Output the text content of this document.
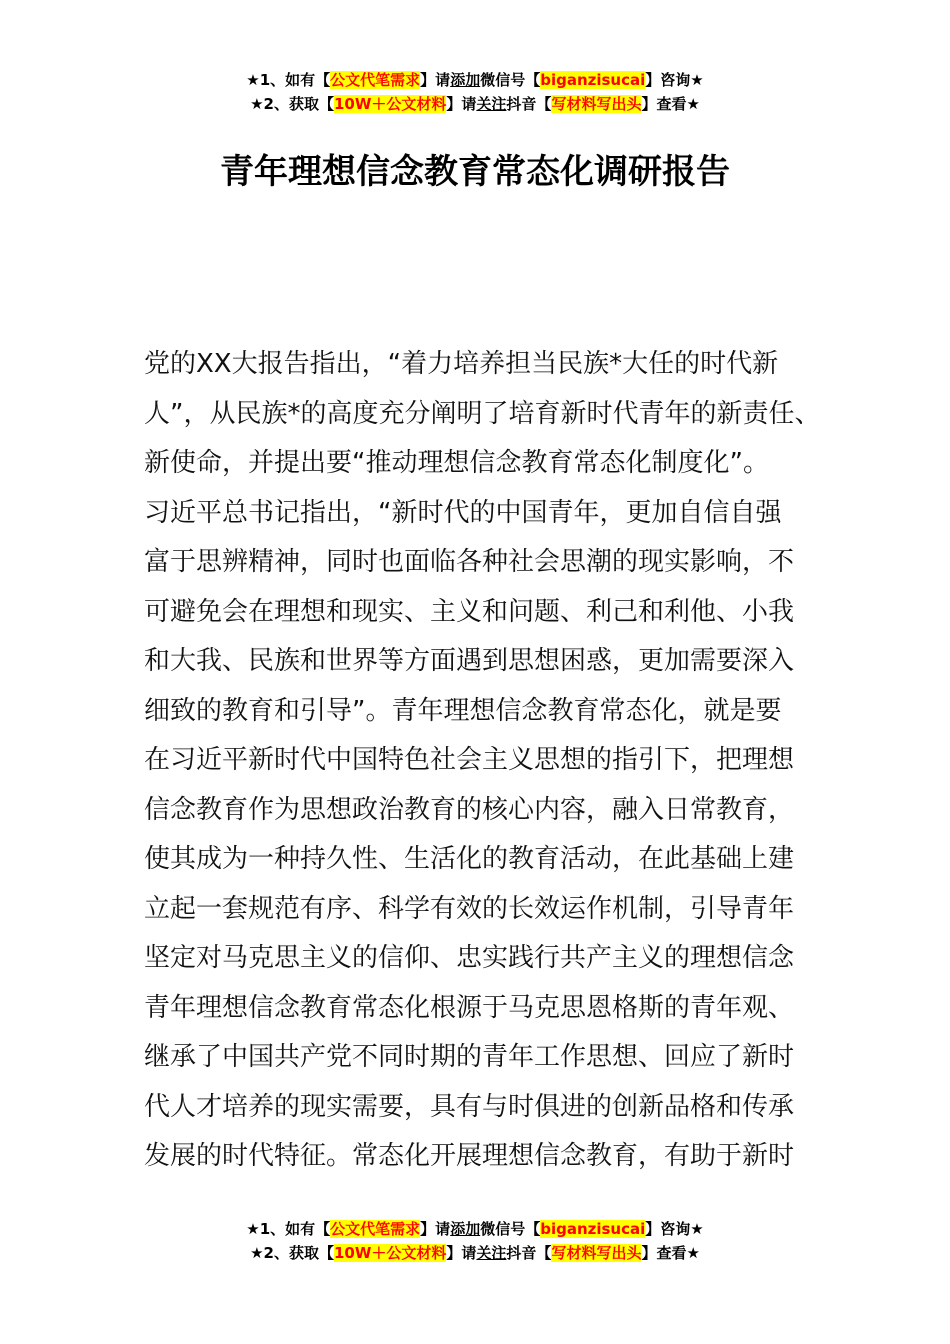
★1、如有【公文代笔需求】请添加微信号【biganzisucai】咨询★
★2、获取【10W＋公文材料】请关注抖音【写材料写出头】查看★
青年理想信念教育常态化调研报告
党的XX大报告指出，“着力培养担当民族*大任的时代新
人”，从民族*的高度充分阐明了培育新时代青年的新责任、
新使命，并提出要“推动理想信念教育常态化制度化”。
习近平总书记指出，“新时代的中国青年，更加自信自强
富于思辨精神，同时也面临各种社会思潮的现实影响，不
可避免会在理想和现实、主义和问题、利己和利他、小我
和大我、民族和世界等方面遇到思想困惑，更加需要深入
细致的教育和引导”。青年理想信念教育常态化，就是要
在习近平新时代中国特色社会主义思想的指引下，把理想
信念教育作为思想政治教育的核心内容，融入日常教育，
使其成为一种持久性、生活化的教育活动，在此基础上建
立起一套规范有序、科学有效的长效运作机制，引导青年
坚定对马克思主义的信仰、忠实践行共产主义的理想信念
青年理想信念教育常态化根源于马克思恩格斯的青年观、
继承了中国共产党不同时期的青年工作思想、回应了新时
代人才培养的现实需要，具有与时俱进的创新品格和传承
发展的时代特征。常态化开展理想信念教育，有助于新时
★1、如有【公文代笔需求】请添加微信号【biganzisucai】咨询★
★2、获取【10W＋公文材料】请关注抖音【写材料写出头】查看★
